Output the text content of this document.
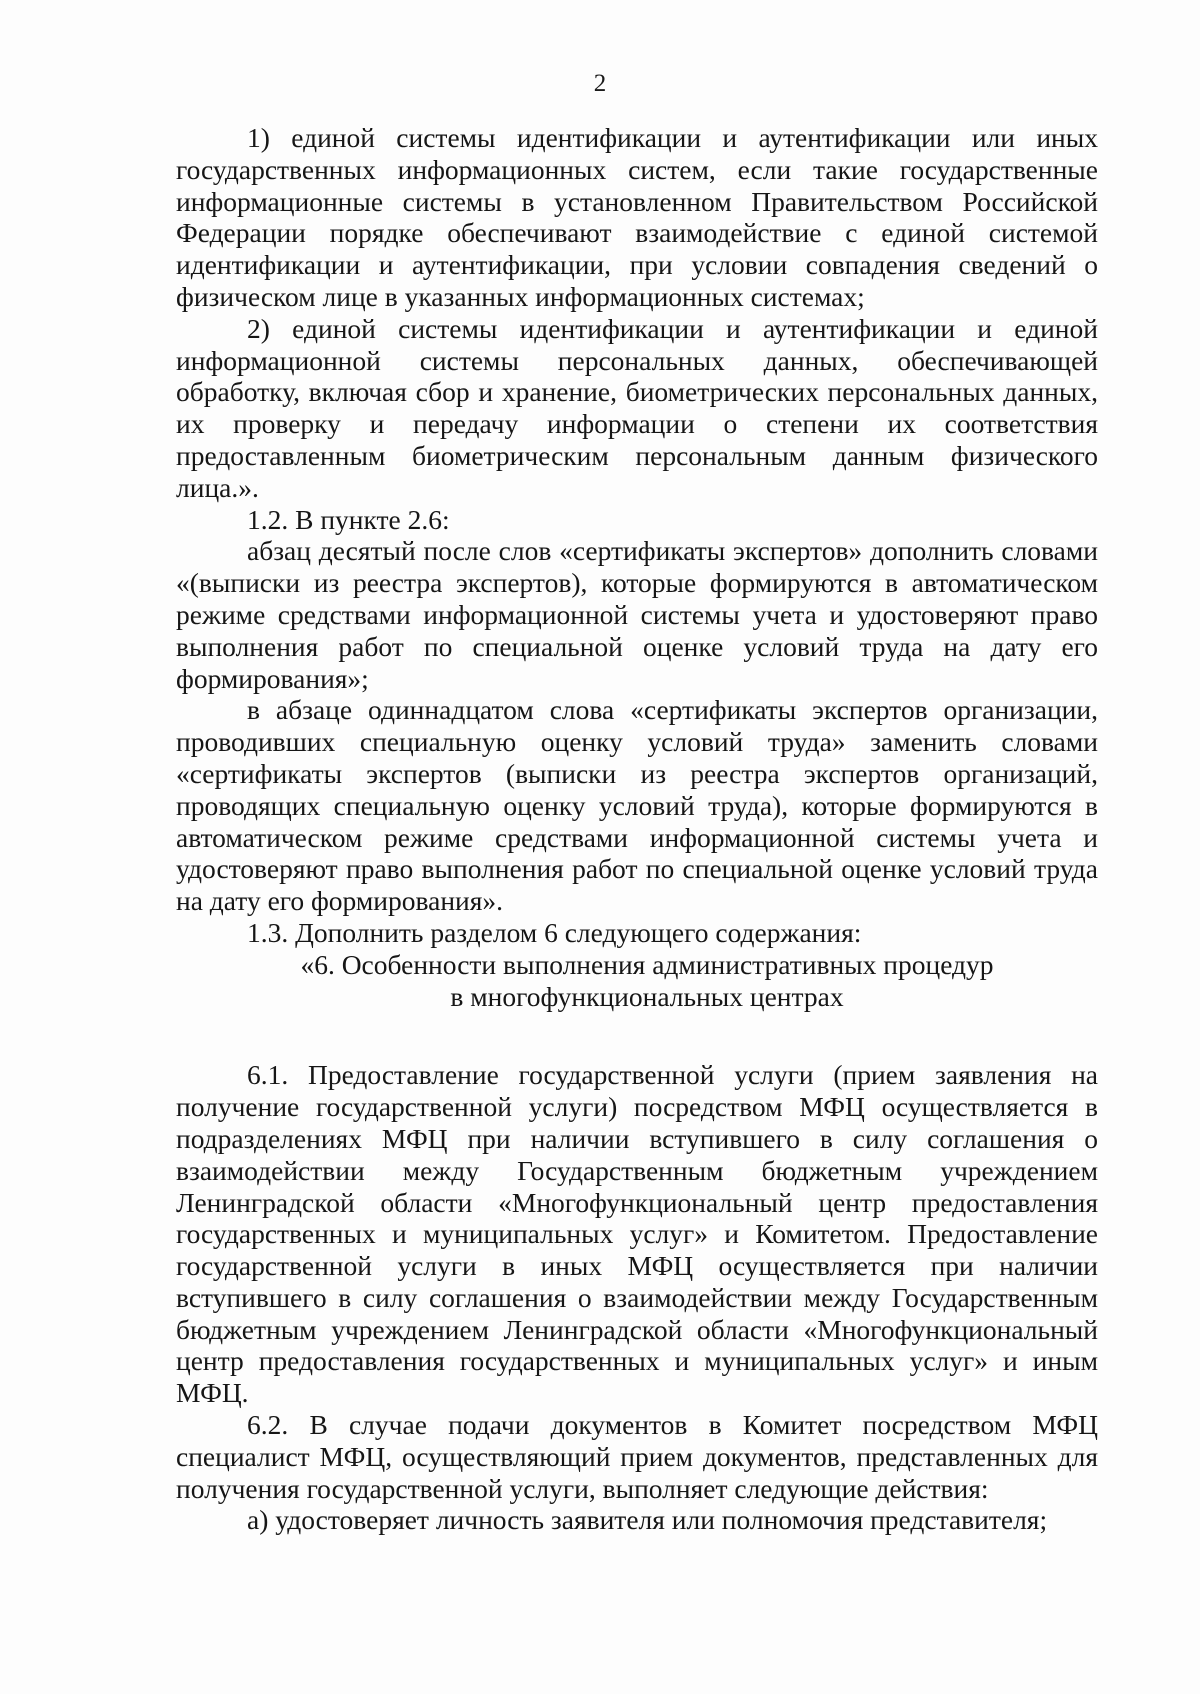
2

1) единой системы идентификации и аутентификации или иных государственных информационных систем, если такие государственные информационные системы в установленном Правительством Российской Федерации порядке обеспечивают взаимодействие с единой системой идентификации и аутентификации, при условии совпадения сведений о физическом лице в указанных информационных системах;

2) единой системы идентификации и аутентификации и единой информационной системы персональных данных, обеспечивающей обработку, включая сбор и хранение, биометрических персональных данных, их проверку и передачу информации о степени их соответствия предоставленным биометрическим персональным данным физического лица.».

1.2. В пункте 2.6:

абзац десятый после слов «сертификаты экспертов» дополнить словами «(выписки из реестра экспертов), которые формируются в автоматическом режиме средствами информационной системы учета и удостоверяют право выполнения работ по специальной оценке условий труда на дату его формирования»;

в абзаце одиннадцатом слова «сертификаты экспертов организации, проводивших специальную оценку условий труда» заменить словами «сертификаты экспертов (выписки из реестра экспертов организаций, проводящих специальную оценку условий труда), которые формируются в автоматическом режиме средствами информационной системы учета и удостоверяют право выполнения работ по специальной оценке условий труда на дату его формирования».

1.3. Дополнить разделом 6 следующего содержания:

«6. Особенности выполнения административных процедур

в многофункциональных центрах

6.1. Предоставление государственной услуги (прием заявления на получение государственной услуги) посредством МФЦ осуществляется в подразделениях МФЦ при наличии вступившего в силу соглашения о взаимодействии между Государственным бюджетным учреждением Ленинградской области «Многофункциональный центр предоставления государственных и муниципальных услуг» и Комитетом. Предоставление государственной услуги в иных МФЦ осуществляется при наличии вступившего в силу соглашения о взаимодействии между Государственным бюджетным учреждением Ленинградской области «Многофункциональный центр предоставления государственных и муниципальных услуг» и иным МФЦ.

6.2. В случае подачи документов в Комитет посредством МФЦ специалист МФЦ, осуществляющий прием документов, представленных для получения государственной услуги, выполняет следующие действия:

а) удостоверяет личность заявителя или полномочия представителя;
